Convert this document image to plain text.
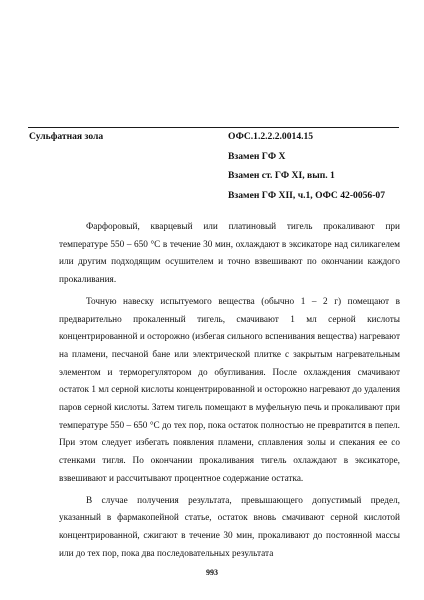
Сульфатная зола	ОФС.1.2.2.2.0014.15
Взамен ГФ Х
Взамен ст. ГФ XI, вып. 1
Взамен ГФ XII, ч.1, ОФС 42-0056-07

Фарфоровый, кварцевый или платиновый тигель прокаливают при температуре 550 – 650 °С в течение 30 мин, охлаждают в эксикаторе над силикагелем или другим подходящим осушителем и точно взвешивают по окончании каждого прокаливания.

Точную навеску испытуемого вещества (обычно 1 – 2 г) помещают в предварительно прокаленный тигель, смачивают 1 мл серной кислоты концентрированной и осторожно (избегая сильного вспенивания вещества) нагревают на пламени, песчаной бане или электрической плитке с закрытым нагревательным элементом и терморегулятором до обугливания. После охлаждения смачивают остаток 1 мл серной кислоты концентрированной и осторожно нагревают до удаления паров серной кислоты. Затем тигель помещают в муфельную печь и прокаливают при температуре 550 – 650 °С до тех пор, пока остаток полностью не превратится в пепел. При этом следует избегать появления пламени, сплавления золы и спекания ее со стенками тигля. По окончании прокаливания тигель охлаждают в эксикаторе, взвешивают и рассчитывают процентное содержание остатка.

В случае получения результата, превышающего допустимый предел, указанный в фармакопейной статье, остаток вновь смачивают серной кислотой концентрированной, сжигают в течение 30 мин, прокаливают до постоянной массы или до тех пор, пока два последовательных результата

993
